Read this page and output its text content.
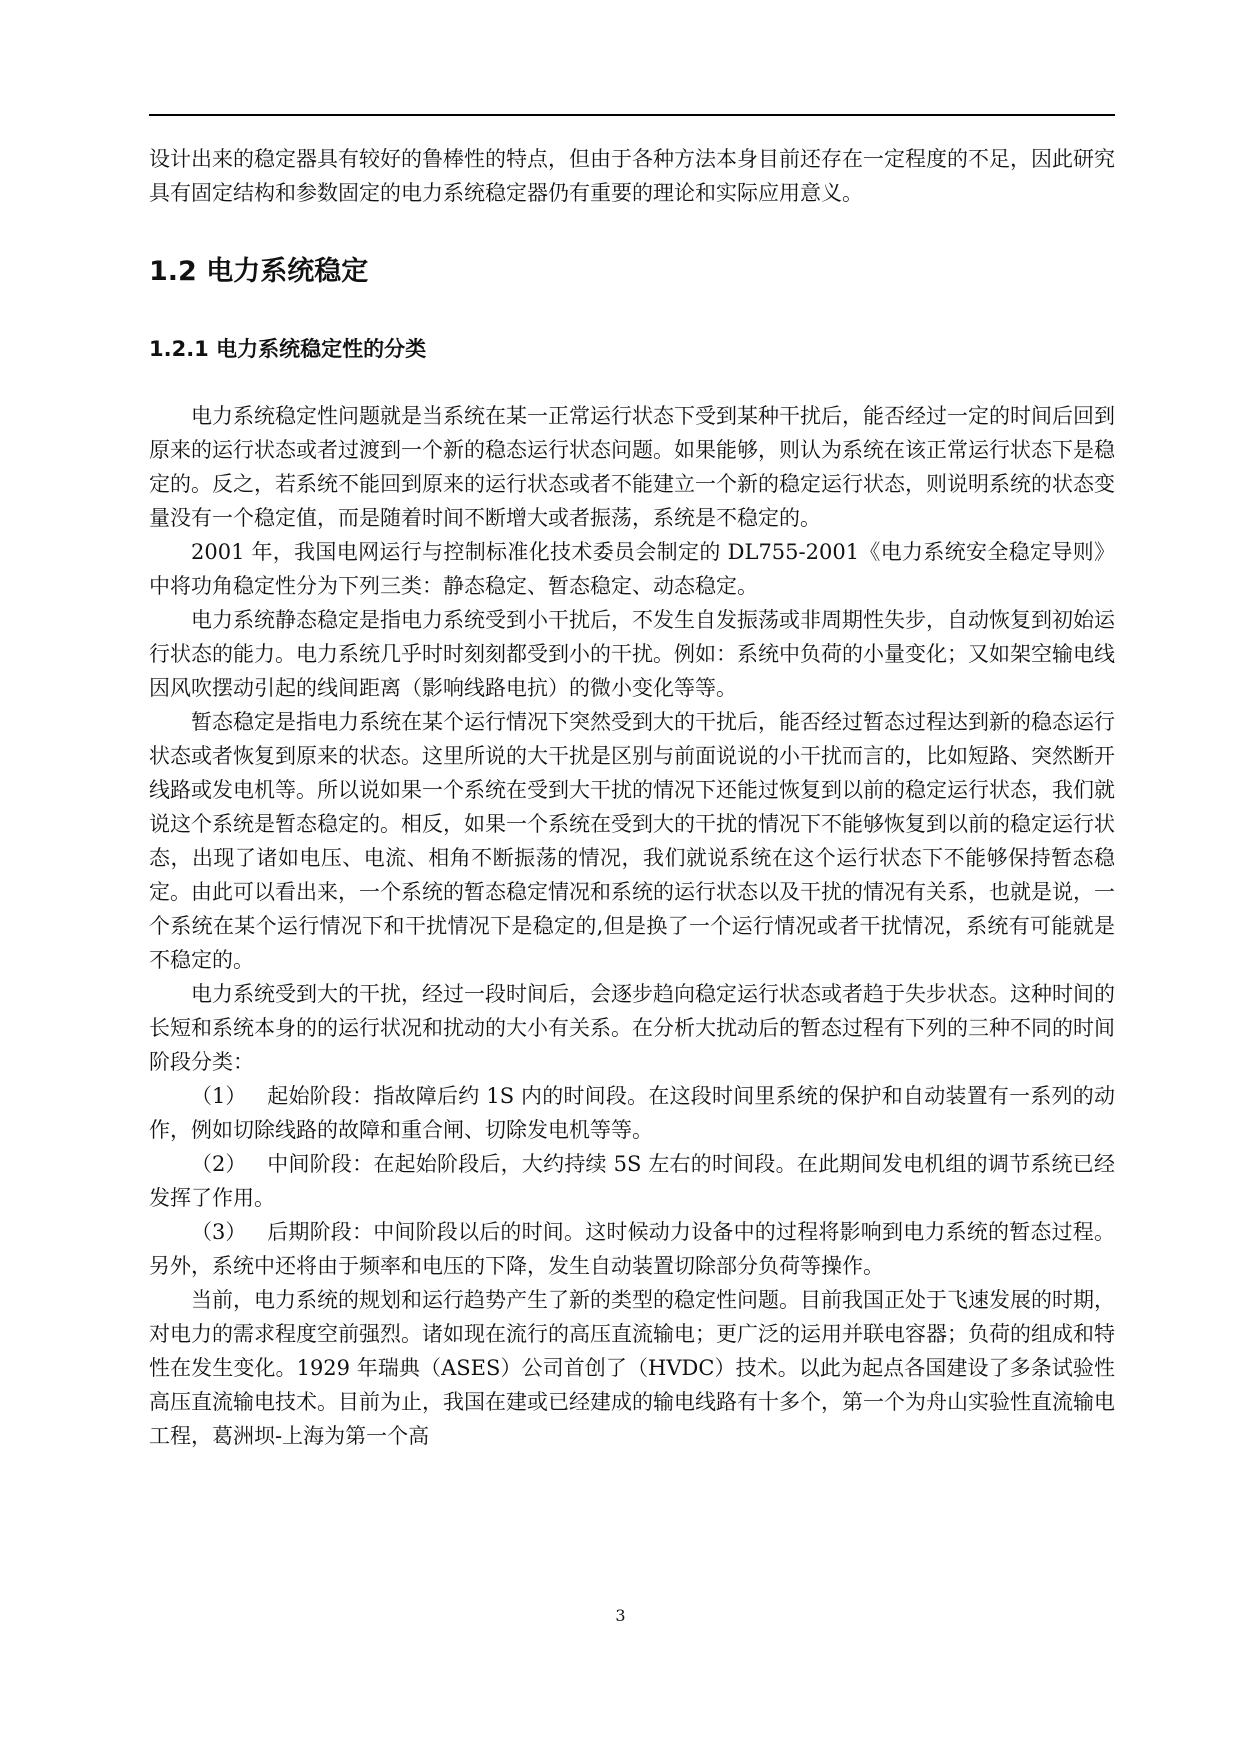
设计出来的稳定器具有较好的鲁棒性的特点，但由于各种方法本身目前还存在一定程度的不足，因此研究具有固定结构和参数固定的电力系统稳定器仍有重要的理论和实际应用意义。

1.2 电力系统稳定
1.2.1 电力系统稳定性的分类

电力系统稳定性问题就是当系统在某一正常运行状态下受到某种干扰后，能否经过一定的时间后回到原来的运行状态或者过渡到一个新的稳态运行状态问题。如果能够，则认为系统在该正常运行状态下是稳定的。反之，若系统不能回到原来的运行状态或者不能建立一个新的稳定运行状态，则说明系统的状态变量没有一个稳定值，而是随着时间不断增大或者振荡，系统是不稳定的。

2001 年，我国电网运行与控制标准化技术委员会制定的 DL755-2001《电力系统安全稳定导则》中将功角稳定性分为下列三类：静态稳定、暂态稳定、动态稳定。

电力系统静态稳定是指电力系统受到小干扰后，不发生自发振荡或非周期性失步，自动恢复到初始运行状态的能力。电力系统几乎时时刻刻都受到小的干扰。例如：系统中负荷的小量变化；又如架空输电线因风吹摆动引起的线间距离（影响线路电抗）的微小变化等等。

暂态稳定是指电力系统在某个运行情况下突然受到大的干扰后，能否经过暂态过程达到新的稳态运行状态或者恢复到原来的状态。这里所说的大干扰是区别与前面说说的小干扰而言的，比如短路、突然断开线路或发电机等。所以说如果一个系统在受到大干扰的情况下还能过恢复到以前的稳定运行状态，我们就说这个系统是暂态稳定的。相反，如果一个系统在受到大的干扰的情况下不能够恢复到以前的稳定运行状态，出现了诸如电压、电流、相角不断振荡的情况，我们就说系统在这个运行状态下不能够保持暂态稳定。由此可以看出来，一个系统的暂态稳定情况和系统的运行状态以及干扰的情况有关系，也就是说，一个系统在某个运行情况下和干扰情况下是稳定的,但是换了一个运行情况或者干扰情况，系统有可能就是不稳定的。

电力系统受到大的干扰，经过一段时间后，会逐步趋向稳定运行状态或者趋于失步状态。这种时间的长短和系统本身的的运行状况和扰动的大小有关系。在分析大扰动后的暂态过程有下列的三种不同的时间阶段分类：

（1） 起始阶段：指故障后约 1S 内的时间段。在这段时间里系统的保护和自动装置有一系列的动作，例如切除线路的故障和重合闸、切除发电机等等。

（2） 中间阶段：在起始阶段后，大约持续 5S 左右的时间段。在此期间发电机组的调节系统已经发挥了作用。

（3） 后期阶段：中间阶段以后的时间。这时候动力设备中的过程将影响到电力系统的暂态过程。另外，系统中还将由于频率和电压的下降，发生自动装置切除部分负荷等操作。

当前，电力系统的规划和运行趋势产生了新的类型的稳定性问题。目前我国正处于飞速发展的时期，对电力的需求程度空前强烈。诸如现在流行的高压直流输电；更广泛的运用并联电容器；负荷的组成和特性在发生变化。1929 年瑞典（ASES）公司首创了（HVDC）技术。以此为起点各国建设了多条试验性高压直流输电技术。目前为止，我国在建或已经建成的输电线路有十多个，第一个为舟山实验性直流输电工程，葛洲坝-上海为第一个高

3
